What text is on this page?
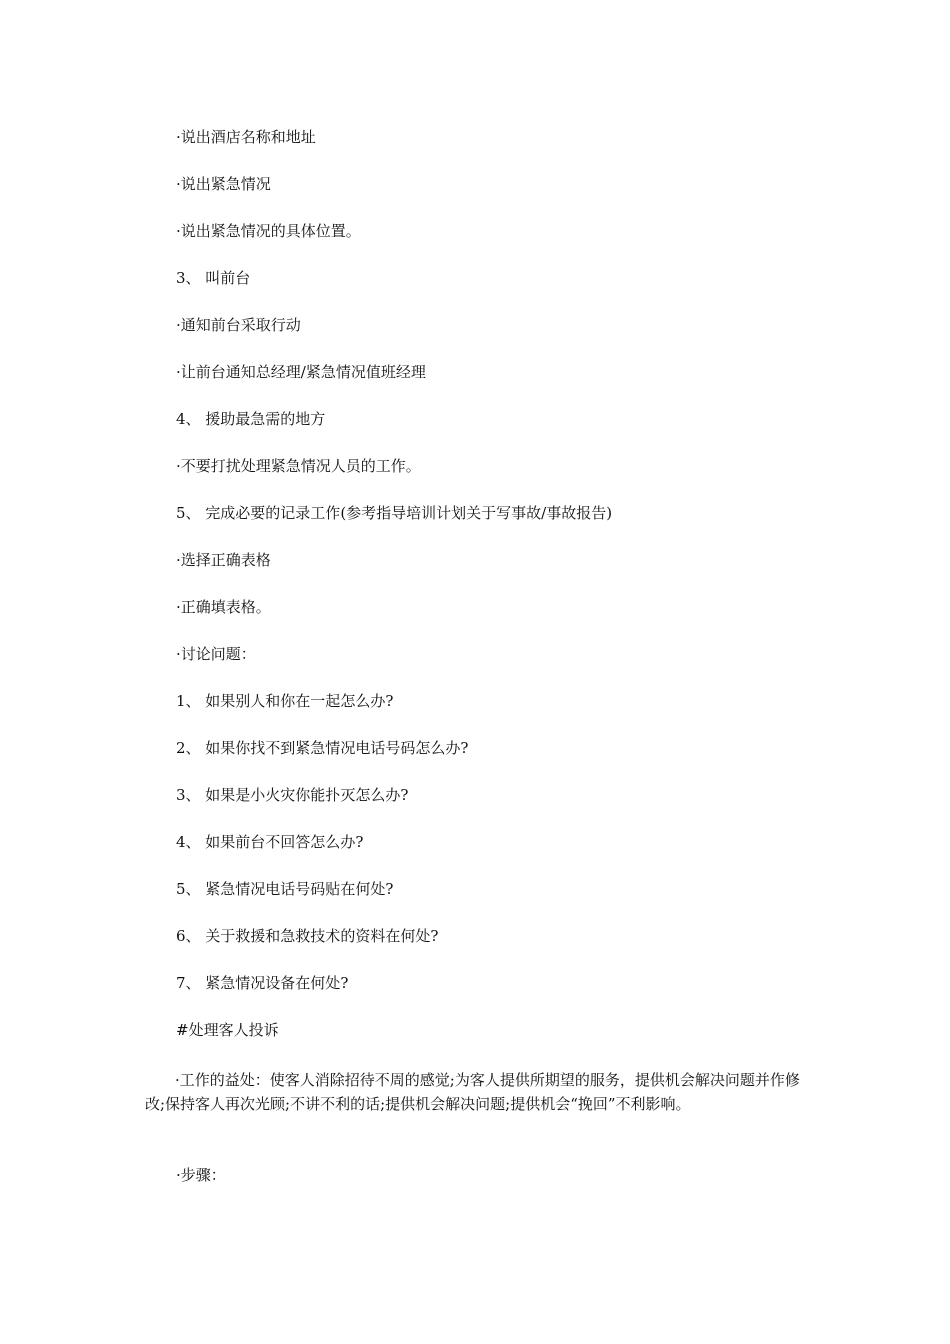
·说出酒店名称和地址
·说出紧急情况
·说出紧急情况的具体位置。
3、 叫前台
·通知前台采取行动
·让前台通知总经理/紧急情况值班经理
4、 援助最急需的地方
·不要打扰处理紧急情况人员的工作。
5、 完成必要的记录工作(参考指导培训计划关于写事故/事故报告)
·选择正确表格
·正确填表格。
·讨论问题：
1、 如果别人和你在一起怎么办?
2、 如果你找不到紧急情况电话号码怎么办?
3、 如果是小火灾你能扑灭怎么办?
4、 如果前台不回答怎么办?
5、 紧急情况电话号码贴在何处?
6、 关于救援和急救技术的资料在何处?
7、 紧急情况设备在何处?
#处理客人投诉
·工作的益处：使客人消除招待不周的感觉;为客人提供所期望的服务，提供机会解决问题并作修改;保持客人再次光顾;不讲不利的话;提供机会解决问题;提供机会“挽回”不利影响。
·步骤：
